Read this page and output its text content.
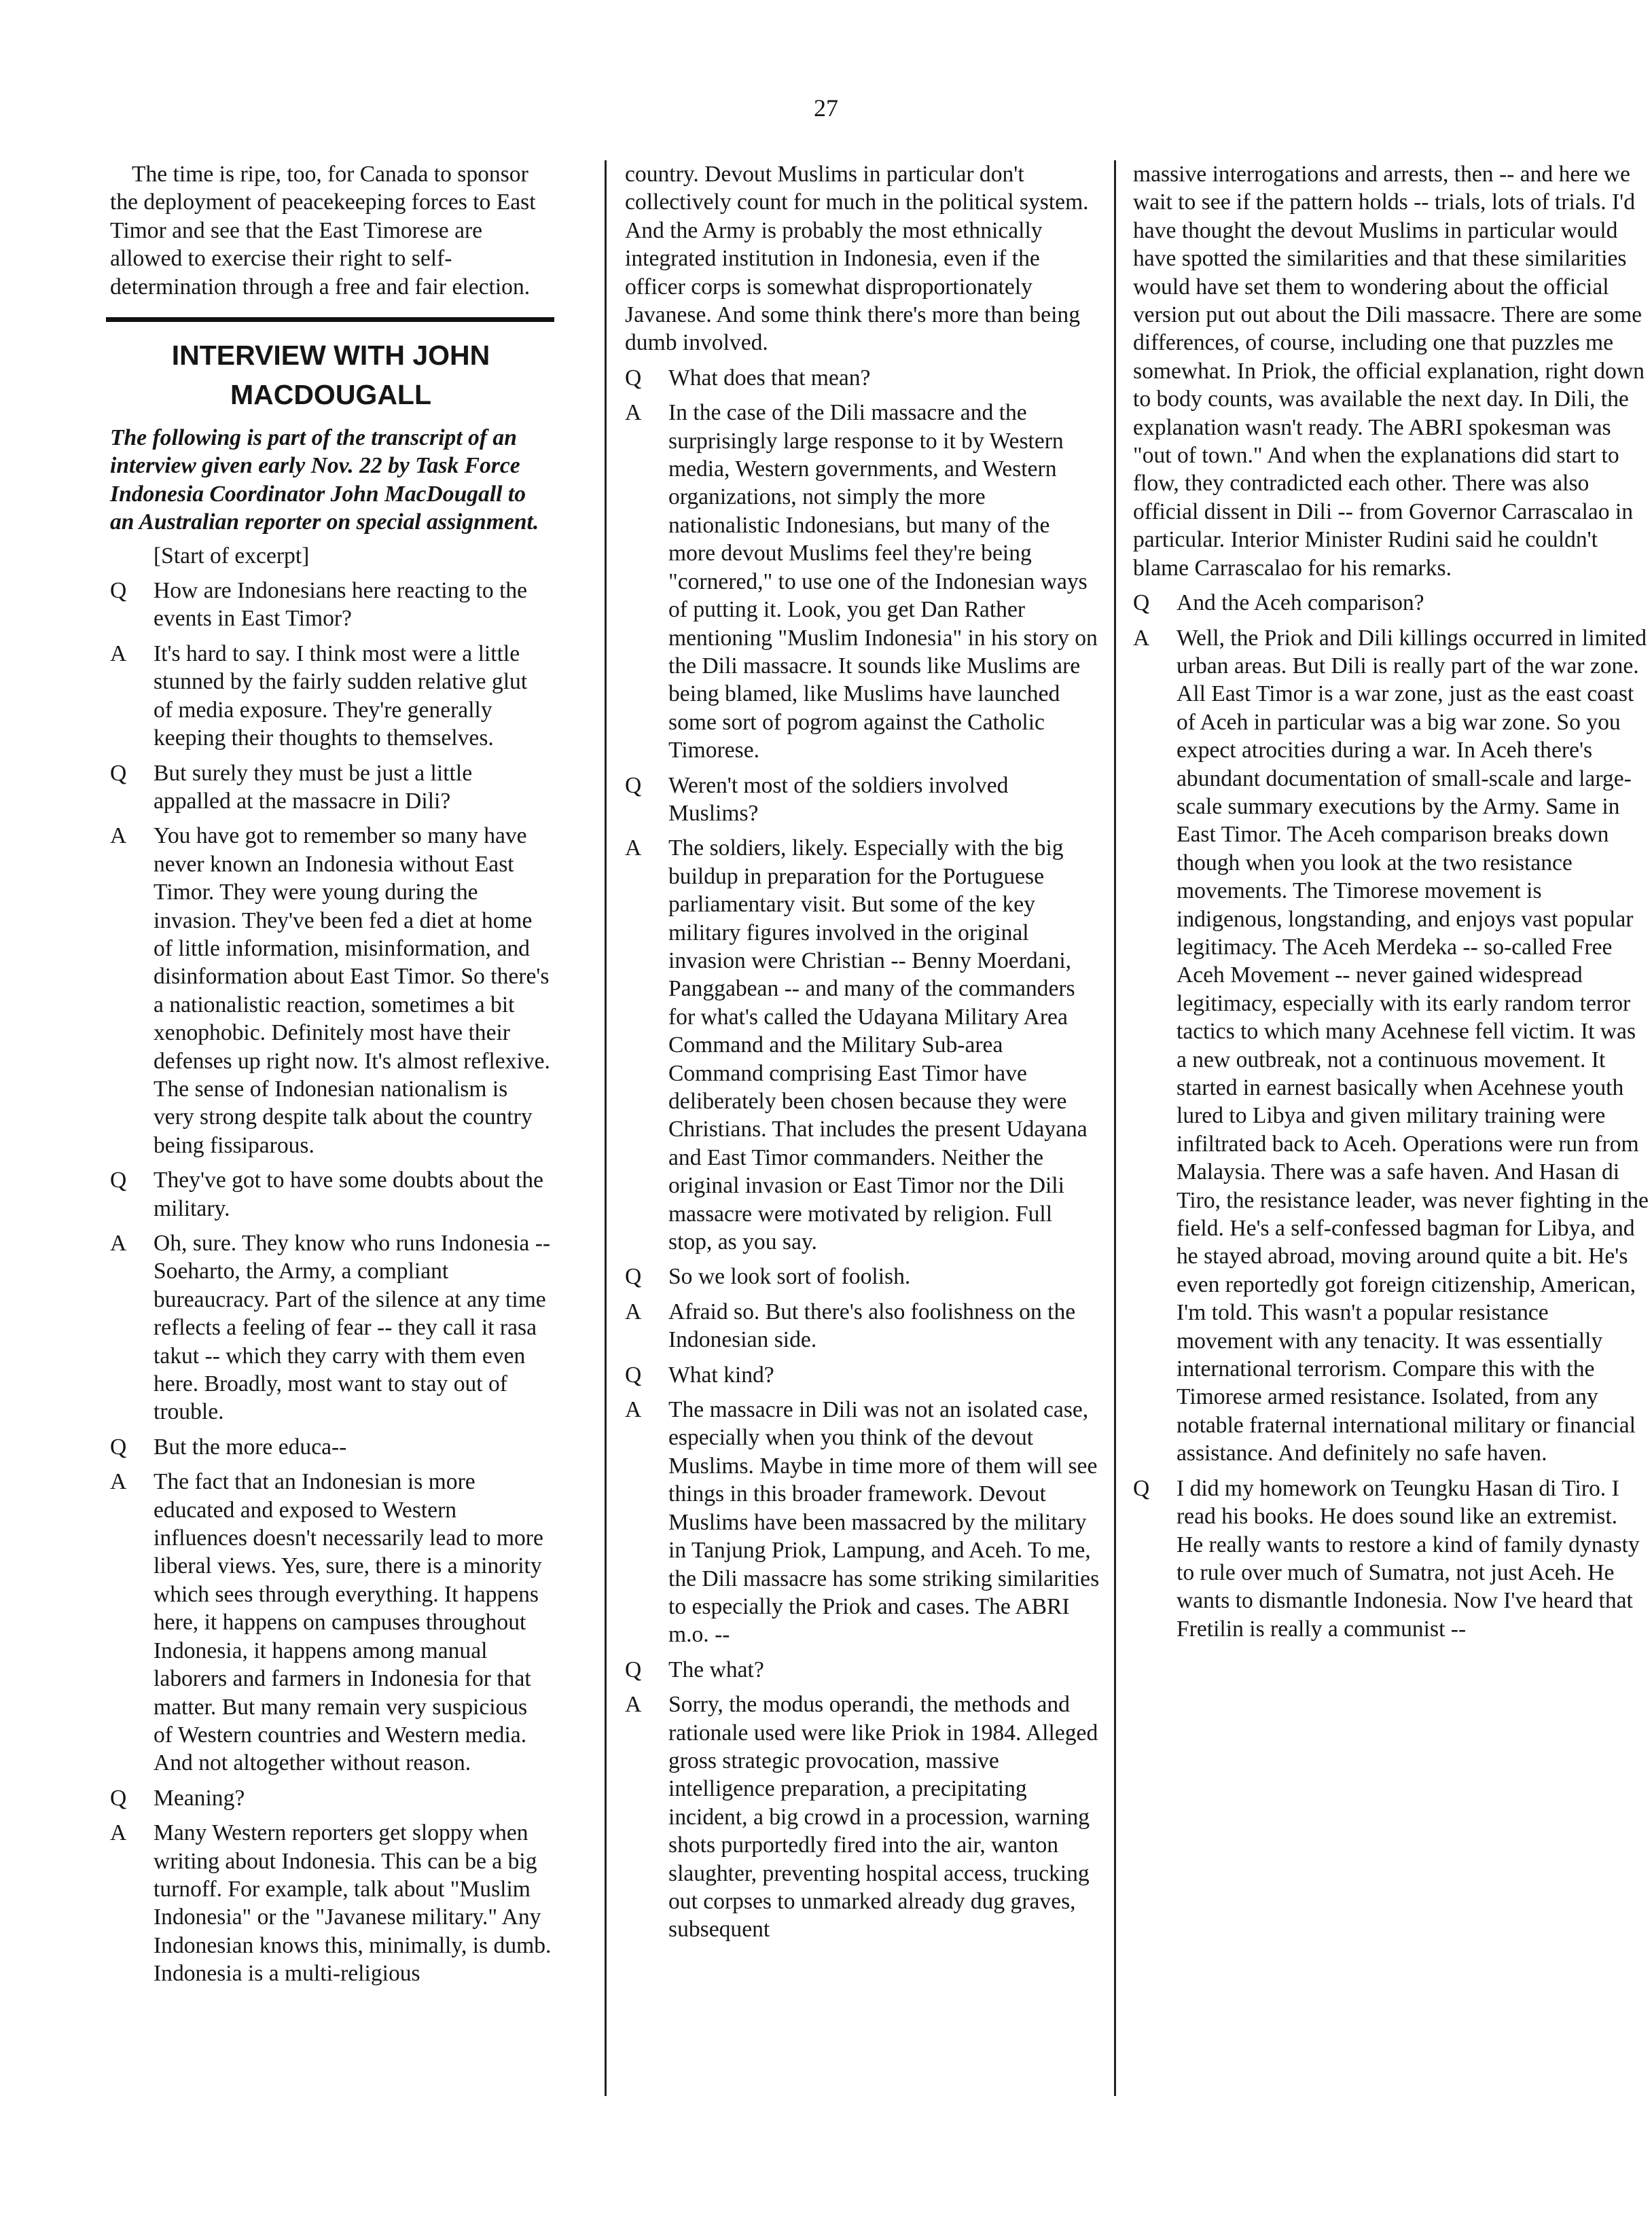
27

The time is ripe, too, for Canada to sponsor the deployment of peacekeeping forces to East Timor and see that the East Timorese are allowed to exercise their right to self-determination through a free and fair election.

INTERVIEW WITH JOHN MACDOUGALL

The following is part of the transcript of an interview given early Nov. 22 by Task Force Indonesia Coordinator John MacDougall to an Australian reporter on special assignment.

[Start of excerpt]

Q	How are Indonesians here reacting to the events in East Timor?
A	It's hard to say. I think most were a little stunned by the fairly sudden relative glut of media exposure. They're generally keeping their thoughts to themselves.
Q	But surely they must be just a little appalled at the massacre in Dili?
A	You have got to remember so many have never known an Indonesia without East Timor. They were young during the invasion. They've been fed a diet at home of little information, misinformation, and disinformation about East Timor. So there's a nationalistic reaction, sometimes a bit xenophobic. Definitely most have their defenses up right now. It's almost reflexive. The sense of Indonesian nationalism is very strong despite talk about the country being fissiparous.
Q	They've got to have some doubts about the military.
A	Oh, sure. They know who runs Indonesia -- Soeharto, the Army, a compliant bureaucracy. Part of the silence at any time reflects a feeling of fear -- they call it rasa takut -- which they carry with them even here. Broadly, most want to stay out of trouble.
Q	But the more educa--
A	The fact that an Indonesian is more educated and exposed to Western influences doesn't necessarily lead to more liberal views. Yes, sure, there is a minority which sees through everything. It happens here, it happens on campuses throughout Indonesia, it happens among manual laborers and farmers in Indonesia for that matter. But many remain very suspicious of Western countries and Western media. And not altogether without reason.
Q	Meaning?
A	Many Western reporters get sloppy when writing about Indonesia. This can be a big turnoff. For example, talk about "Muslim Indonesia" or the "Javanese military." Any Indonesian knows this, minimally, is dumb. Indonesia is a multi-religious

country. Devout Muslims in particular don't collectively count for much in the political system. And the Army is probably the most ethnically integrated institution in Indonesia, even if the officer corps is somewhat disproportionately Javanese. And some think there's more than being dumb involved.

Q	What does that mean?
A	In the case of the Dili massacre and the surprisingly large response to it by Western media, Western governments, and Western organizations, not simply the more nationalistic Indonesians, but many of the more devout Muslims feel they're being "cornered," to use one of the Indonesian ways of putting it. Look, you get Dan Rather mentioning "Muslim Indonesia" in his story on the Dili massacre. It sounds like Muslims are being blamed, like Muslims have launched some sort of pogrom against the Catholic Timorese.
Q	Weren't most of the soldiers involved Muslims?
A	The soldiers, likely. Especially with the big buildup in preparation for the Portuguese parliamentary visit. But some of the key military figures involved in the original invasion were Christian -- Benny Moerdani, Panggabean -- and many of the commanders for what's called the Udayana Military Area Command and the Military Sub-area Command comprising East Timor have deliberately been chosen because they were Christians. That includes the present Udayana and East Timor commanders. Neither the original invasion or East Timor nor the Dili massacre were motivated by religion. Full stop, as you say.
Q	So we look sort of foolish.
A	Afraid so. But there's also foolishness on the Indonesian side.
Q	What kind?
A	The massacre in Dili was not an isolated case, especially when you think of the devout Muslims. Maybe in time more of them will see things in this broader framework. Devout Muslims have been massacred by the military in Tanjung Priok, Lampung, and Aceh. To me, the Dili massacre has some striking similarities to especially the Priok and cases. The ABRI m.o. --
Q	The what?
A	Sorry, the modus operandi, the methods and rationale used were like Priok in 1984. Alleged gross strategic provocation, massive intelligence preparation, a precipitating incident, a big crowd in a procession, warning shots purportedly fired into the air, wanton slaughter, preventing hospital access, trucking out corpses to unmarked already dug graves, subsequent

massive interrogations and arrests, then -- and here we wait to see if the pattern holds -- trials, lots of trials. I'd have thought the devout Muslims in particular would have spotted the similarities and that these similarities would have set them to wondering about the official version put out about the Dili massacre. There are some differences, of course, including one that puzzles me somewhat. In Priok, the official explanation, right down to body counts, was available the next day. In Dili, the explanation wasn't ready. The ABRI spokesman was "out of town." And when the explanations did start to flow, they contradicted each other. There was also official dissent in Dili -- from Governor Carrascalao in particular. Interior Minister Rudini said he couldn't blame Carrascalao for his remarks.

Q	And the Aceh comparison?
A	Well, the Priok and Dili killings occurred in limited urban areas. But Dili is really part of the war zone. All East Timor is a war zone, just as the east coast of Aceh in particular was a big war zone. So you expect atrocities during a war. In Aceh there's abundant documentation of small-scale and large-scale summary executions by the Army. Same in East Timor. The Aceh comparison breaks down though when you look at the two resistance movements. The Timorese movement is indigenous, longstanding, and enjoys vast popular legitimacy. The Aceh Merdeka -- so-called Free Aceh Movement -- never gained widespread legitimacy, especially with its early random terror tactics to which many Acehnese fell victim. It was a new outbreak, not a continuous movement. It started in earnest basically when Acehnese youth lured to Libya and given military training were infiltrated back to Aceh. Operations were run from Malaysia. There was a safe haven. And Hasan di Tiro, the resistance leader, was never fighting in the field. He's a self-confessed bagman for Libya, and he stayed abroad, moving around quite a bit. He's even reportedly got foreign citizenship, American, I'm told. This wasn't a popular resistance movement with any tenacity. It was essentially international terrorism. Compare this with the Timorese armed resistance. Isolated, from any notable fraternal international military or financial assistance. And definitely no safe haven.
Q	I did my homework on Teungku Hasan di Tiro. I read his books. He does sound like an extremist. He really wants to restore a kind of family dynasty to rule over much of Sumatra, not just Aceh. He wants to dismantle Indonesia. Now I've heard that Fretilin is really a communist --
